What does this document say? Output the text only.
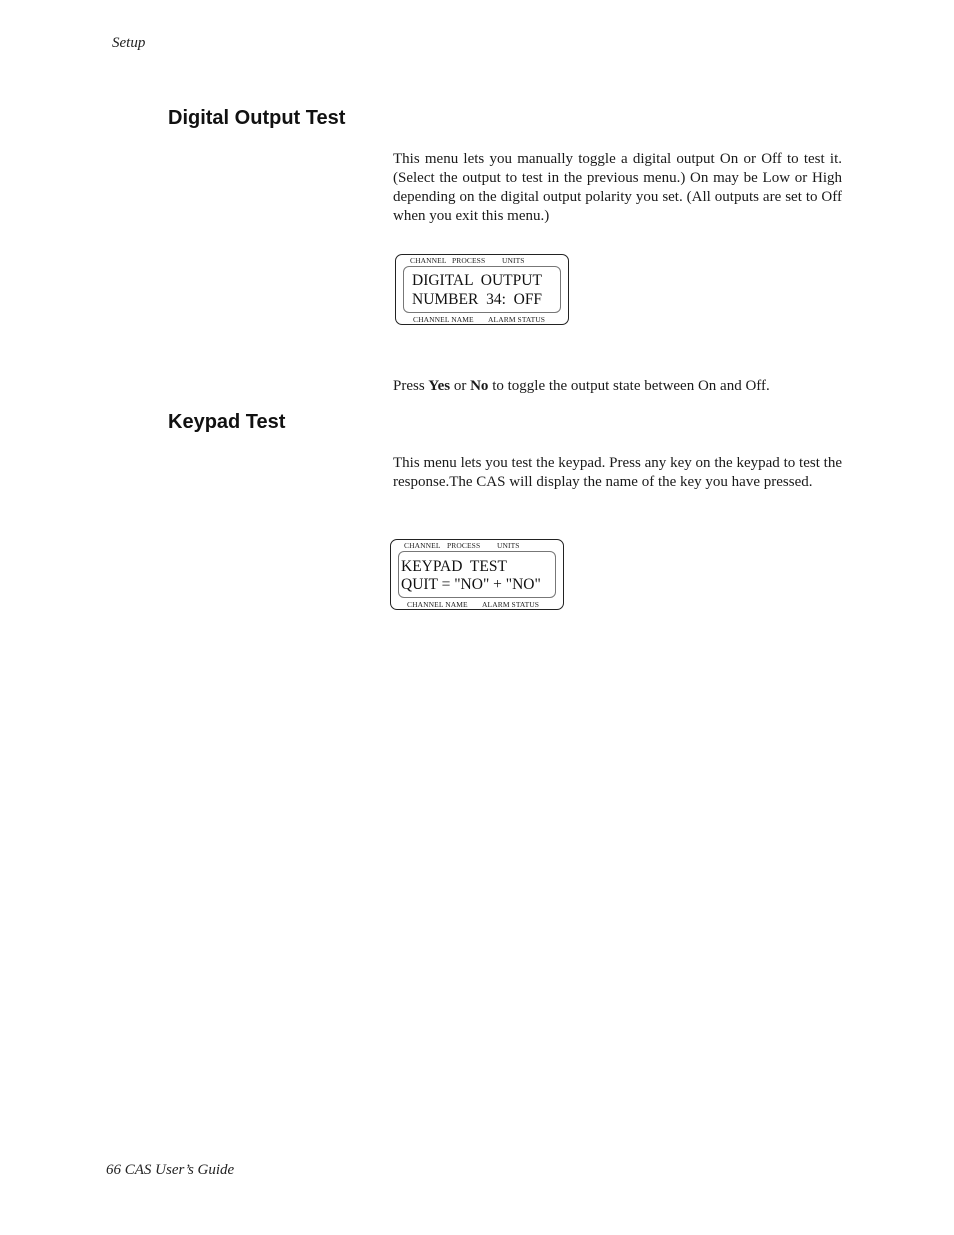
Setup
Digital Output Test

This menu lets you manually toggle a digital output On or Off to test it. (Select the output to test in the previous menu.) On may be Low or High depending on the digital output polarity you set. (All outputs are set to Off when you exit this menu.)

CHANNEL PROCESS UNITS
DIGITAL  OUTPUT
NUMBER  34:  OFF
CHANNEL NAME ALARM STATUS

Press Yes or No to toggle the output state between On and Off.

Keypad Test

This menu lets you test the keypad. Press any key on the keypad to test the response.The CAS will display the name of the key you have pressed.

CHANNEL PROCESS UNITS
KEYPAD  TEST
QUIT = "NO" + "NO"
CHANNEL NAME ALARM STATUS
66 CAS User’s Guide
